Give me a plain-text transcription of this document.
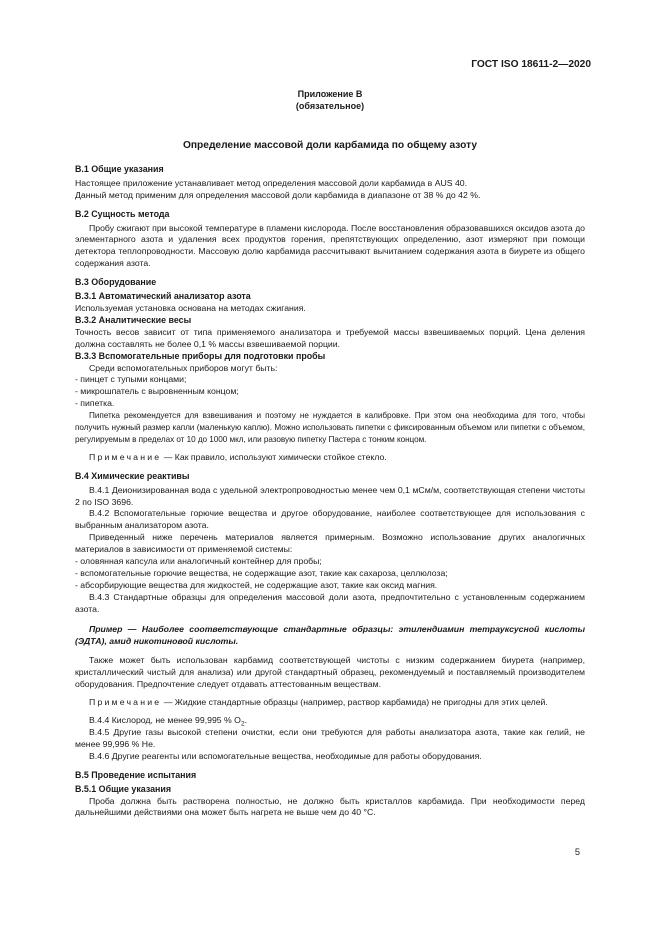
ГОСТ ISO 18611-2—2020
Приложение В
(обязательное)
Определение массовой доли карбамида по общему азоту
В.1 Общие указания

Настоящее приложение устанавливает метод определения массовой доли карбамида в AUS 40.

Данный метод применим для определения массовой доли карбамида в диапазоне от 38 % до 42 %.

В.2 Сущность метода

Пробу сжигают при высокой температуре в пламени кислорода. После восстановления образовавшихся оксидов азота до элементарного азота и удаления всех продуктов горения, препятствующих определению, азот измеряют при помощи детектора теплопроводности. Массовую долю карбамида рассчитывают вычитанием содержания азота в биурете из общего содержания азота.

В.3 Оборудование
В.3.1 Автоматический анализатор азота

Используемая установка основана на методах сжигания.

В.3.2 Аналитические весы

Точность весов зависит от типа применяемого анализатора и требуемой массы взвешиваемых порций. Цена деления должна составлять не более 0,1 % массы взвешиваемой порции.

В.3.3 Вспомогательные приборы для подготовки пробы

Среди вспомогательных приборов могут быть:

- пинцет с тупыми концами;

- микрошпатель с выровненным концом;

- пипетка.

Пипетка рекомендуется для взвешивания и поэтому не нуждается в калибровке. При этом она необходима для того, чтобы получить нужный размер капли (маленькую каплю). Можно использовать пипетки с фиксированным объемом или пипетки с объемом, регулируемым в пределах от 10 до 1000 мкл, или разовую пипетку Пастера с тонким концом.

Примечание — Как правило, используют химически стойкое стекло.

В.4 Химические реактивы

В.4.1 Деионизированная вода с удельной электропроводностью менее чем 0,1 мСм/м, соответствующая степени чистоты 2 по ISO 3696.

В.4.2 Вспомогательные горючие вещества и другое оборудование, наиболее соответствующее для использования с выбранным анализатором азота.

Приведенный ниже перечень материалов является примерным. Возможно использование других аналогичных материалов в зависимости от применяемой системы:

- оловянная капсула или аналогичный контейнер для пробы;

- вспомогательные горючие вещества, не содержащие азот, такие как сахароза, целлюлоза;

- абсорбирующие вещества для жидкостей, не содержащие азот, такие как оксид магния.

В.4.3 Стандартные образцы для определения массовой доли азота, предпочтительно с установленным содержанием азота.

Пример — Наиболее соответствующие стандартные образцы: этилендиамин тетрауксусной кислоты (ЭДТА), амид никотиновой кислоты.

Также может быть использован карбамид соответствующей чистоты с низким содержанием биурета (например, кристаллический чистый для анализа) или другой стандартный образец, рекомендуемый и поставляемый производителем оборудования. Предпочтение следует отдавать аттестованным веществам.

Примечание — Жидкие стандартные образцы (например, раствор карбамида) не пригодны для этих целей.

В.4.4 Кислород, не менее 99,995 % $O_2$.

В.4.5 Другие газы высокой степени очистки, если они требуются для работы анализатора азота, такие как гелий, не менее 99,996 % He.

В.4.6 Другие реагенты или вспомогательные вещества, необходимые для работы оборудования.

В.5 Проведение испытания
В.5.1 Общие указания

Проба должна быть растворена полностью, не должно быть кристаллов карбамида. При необходимости перед дальнейшими действиями она может быть нагрета не выше чем до 40 °С.

5
